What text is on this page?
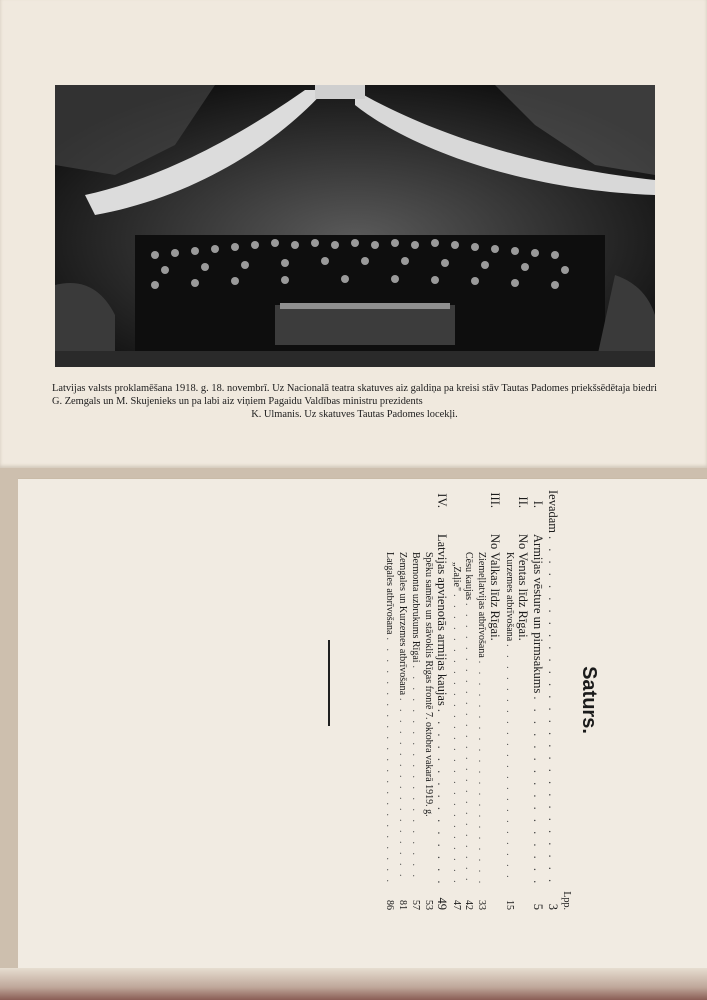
Latvijas valsts proklamēšana 1918. g. 18. novembrī. Uz Nacionalā teatra skatuves aiz galdiņa pa kreisi stāv Tautas Padomes priekšsēdētaja biedri G. Zemgals un M. Skujenieks un pa labi aiz viņiem Pagaidu Valdības ministru prezidents
K. Ulmanis. Uz skatuves Tautas Padomes locekļi.
Saturs.
Lpp.
Ievadam
. . .
3
I.
Armijas vēsture un pirmsakums
. . .
5
II.
No Ventas līdz Rīgai.
Kurzemes atbrīvošana
. . .
15
III.
No Valkas līdz Rīgai.
Ziemeļlatvijas atbrīvošana
. . .
33
Cēsu kaujas
. . .
42
„Zaļie"
. . .
47
IV.
Latvijas apvienotās armijas kaujas
. . .
49
Spēku samērs un stāvoklis Rīgas frontē 7. oktobra vakarā 1919. g.
53
Bermonta uzbrukums Rīgai
. . .
57
Zemgales un Kurzemes atbrīvošana
. . .
81
Latgales atbrīvošana
. . .
86
